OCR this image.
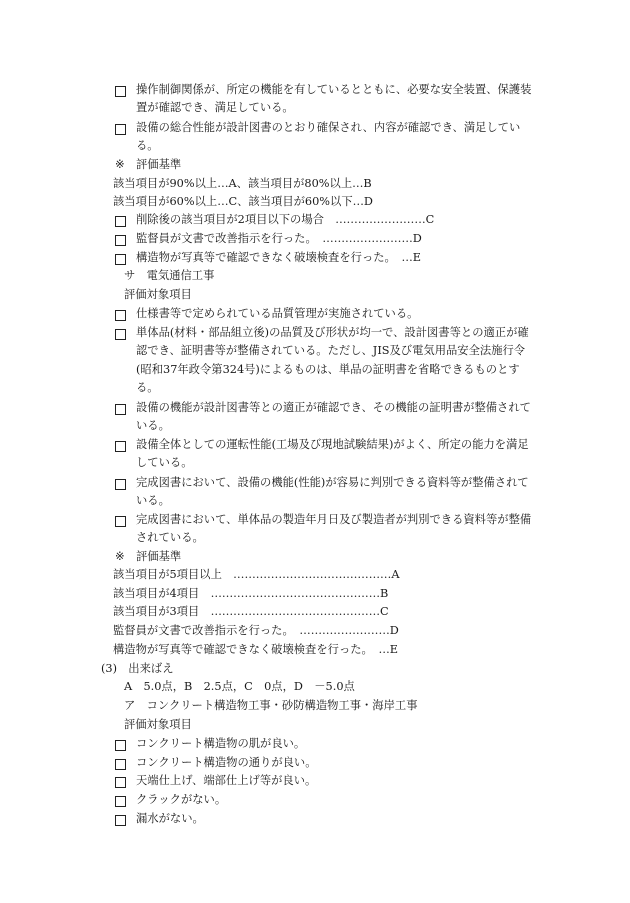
操作制御関係が、所定の機能を有しているとともに、必要な安全装置、保護装
置が確認でき、満足している。
設備の総合性能が設計図書のとおり確保され、内容が確認でき、満足してい
る。
※ 評価基準
該当項目が90%以上…A、該当項目が80%以上…B
該当項目が60%以上…C、該当項目が60%以下…D
削除後の該当項目が2項目以下の場合　……………………C
監督員が文書で改善指示を行った。　……………………D
構造物が写真等で確認できなく破壊検査を行った。　…E
サ　電気通信工事
評価対象項目
仕様書等で定められている品質管理が実施されている。
単体品(材料・部品組立後)の品質及び形状が均一で、設計図書等との適正が確
認でき、証明書等が整備されている。ただし、JIS及び電気用品安全法施行令
(昭和37年政令第324号)によるものは、単品の証明書を省略できるものとす
る。
設備の機能が設計図書等との適正が確認でき、その機能の証明書が整備されて
いる。
設備全体としての運転性能(工場及び現地試験結果)がよく、所定の能力を満足
している。
完成図書において、設備の機能(性能)が容易に判別できる資料等が整備されて
いる。
完成図書において、単体品の製造年月日及び製造者が判別できる資料等が整備
されている。
※ 評価基準
該当項目が5項目以上　……………………………………A
該当項目が4項目　………………………………………B
該当項目が3項目　………………………………………C
監督員が文書で改善指示を行った。　……………………D
構造物が写真等で確認できなく破壊検査を行った。　…E
(3)　出来ばえ
A　5.0点，B　2.5点，C　0点，D　－5.0点
ア　コンクリート構造物工事・砂防構造物工事・海岸工事
評価対象項目
コンクリート構造物の肌が良い。
コンクリート構造物の通りが良い。
天端仕上げ、端部仕上げ等が良い。
クラックがない。
漏水がない。
